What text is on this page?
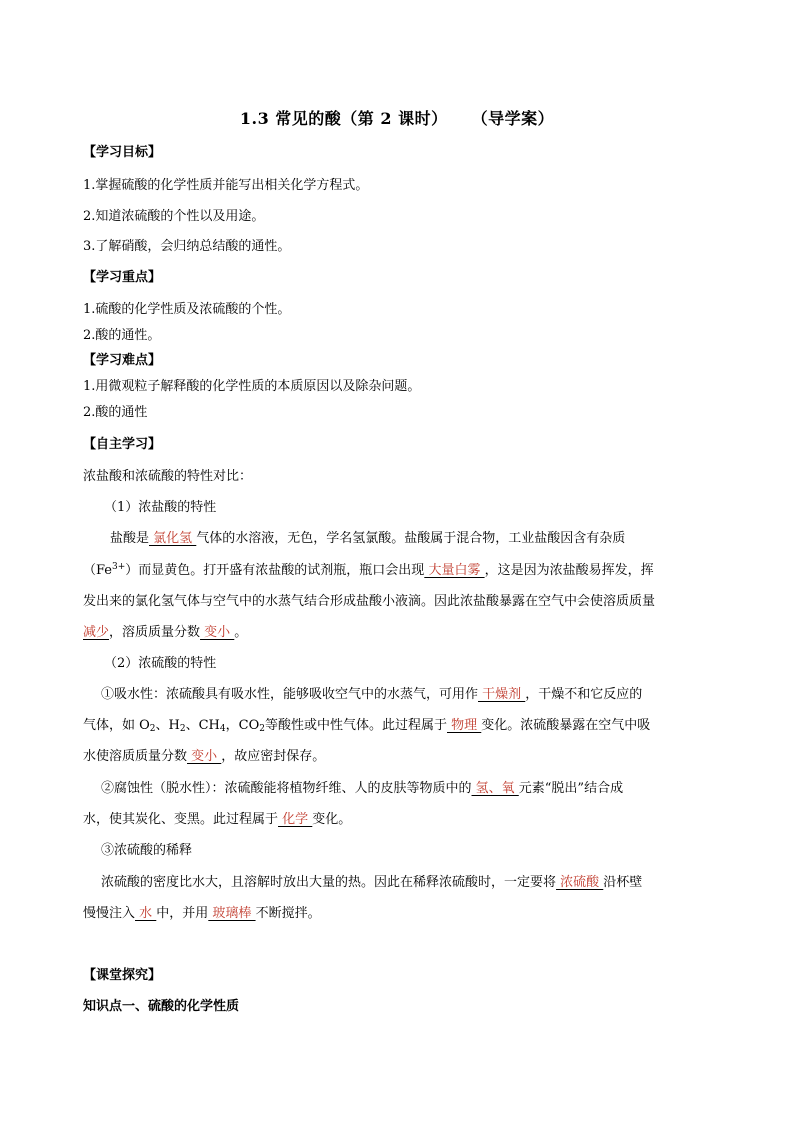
1.3 常见的酸（第 2 课时） （导学案）
【学习目标】
1.掌握硫酸的化学性质并能写出相关化学方程式。
2.知道浓硫酸的个性以及用途。
3.了解硝酸，会归纳总结酸的通性。
【学习重点】
1.硫酸的化学性质及浓硫酸的个性。
2.酸的通性。
【学习难点】
1.用微观粒子解释酸的化学性质的本质原因以及除杂问题。
2.酸的通性
【自主学习】
浓盐酸和浓硫酸的特性对比：
（1）浓盐酸的特性
盐酸是 氯化氢 气体的水溶液，无色，学名氢氯酸。盐酸属于混合物，工业盐酸因含有杂质
$(Fe^{3+})$而显黄色。打开盛有浓盐酸的试剂瓶，瓶口会出现 大量白雾 ，这是因为浓盐酸易挥发，挥
发出来的氯化氢气体与空气中的水蒸气结合形成盐酸小液滴。因此浓盐酸暴露在空气中会使溶质质量
减少，溶质质量分数 变小 。
（2）浓硫酸的特性
①吸水性：浓硫酸具有吸水性，能够吸收空气中的水蒸气，可用作 干燥剂 ，干燥不和它反应的
气体，如 $O_2$、$H_2$、$CH_4$，$CO_2$等酸性或中性气体。此过程属于 物理 变化。浓硫酸暴露在空气中吸
水使溶质质量分数 变小 ，故应密封保存。
②腐蚀性（脱水性）：浓硫酸能将植物纤维、人的皮肤等物质中的 氢、氧 元素“脱出”结合成
水，使其炭化、变黑。此过程属于 化学 变化。
③浓硫酸的稀释
浓硫酸的密度比水大，且溶解时放出大量的热。因此在稀释浓硫酸时，一定要将 浓硫酸 沿杯壁
慢慢注入 水 中，并用 玻璃棒 不断搅拌。
【课堂探究】
知识点一、硫酸的化学性质
